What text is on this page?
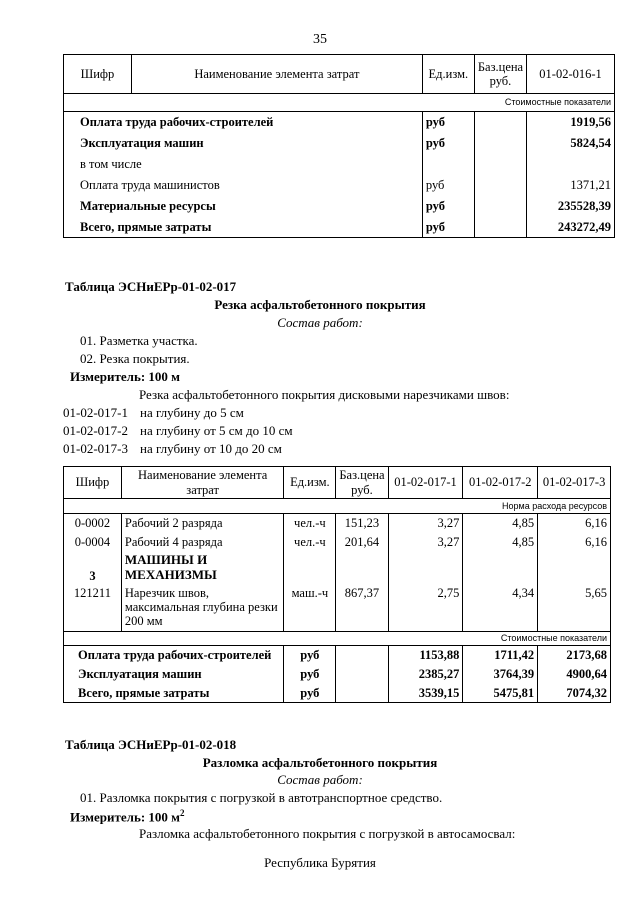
35
Шифр	Наименование элемента затрат	Ед.изм.	Баз.цена руб.	01-02-016-1
Стоимостные показатели				
Оплата труда рабочих-строителей		руб		1919,56
Эксплуатация машин		руб		5824,54
в том числе				
Оплата труда машинистов		руб		1371,21
Материальные ресурсы		руб		235528,39
Всего, прямые затраты		руб		243272,49
Таблица ЭСНиЕРр-01-02-017
Резка асфальтобетонного покрытия
Состав работ:
01. Разметка участка.
02. Резка покрытия.
Измеритель: 100 м
Резка асфальтобетонного покрытия дисковыми нарезчиками швов:
01-02-017-1 на глубину до 5 см
01-02-017-2 на глубину от 5 см до 10 см
01-02-017-3 на глубину от 10 до 20 см
Шифр	Наименование элемента затрат	Ед.изм.	Баз.цена руб.	01-02-017-1	01-02-017-2	01-02-017-3
Норма расхода ресурсов						
0-0002	Рабочий 2 разряда	чел.-ч	151,23	3,27	4,85	6,16
0-0004	Рабочий 4 разряда	чел.-ч	201,64	3,27	4,85	6,16
3	МАШИНЫ И МЕХАНИЗМЫ					
121211	Нарезчик швов, максимальная глубина резки 200 мм	маш.-ч	867,37	2,75	4,34	5,65
Стоимостные показатели						
Оплата труда рабочих-строителей		руб		1153,88	1711,42	2173,68
Эксплуатация машин		руб		2385,27	3764,39	4900,64
Всего, прямые затраты		руб		3539,15	5475,81	7074,32
Таблица ЭСНиЕРр-01-02-018
Разломка асфальтобетонного покрытия
Состав работ:
01. Разломка покрытия с погрузкой в автотранспортное средство.
Измеритель: 100 $м^2$
Разломка асфальтобетонного покрытия с погрузкой в автосамосвал:
Республика Бурятия
